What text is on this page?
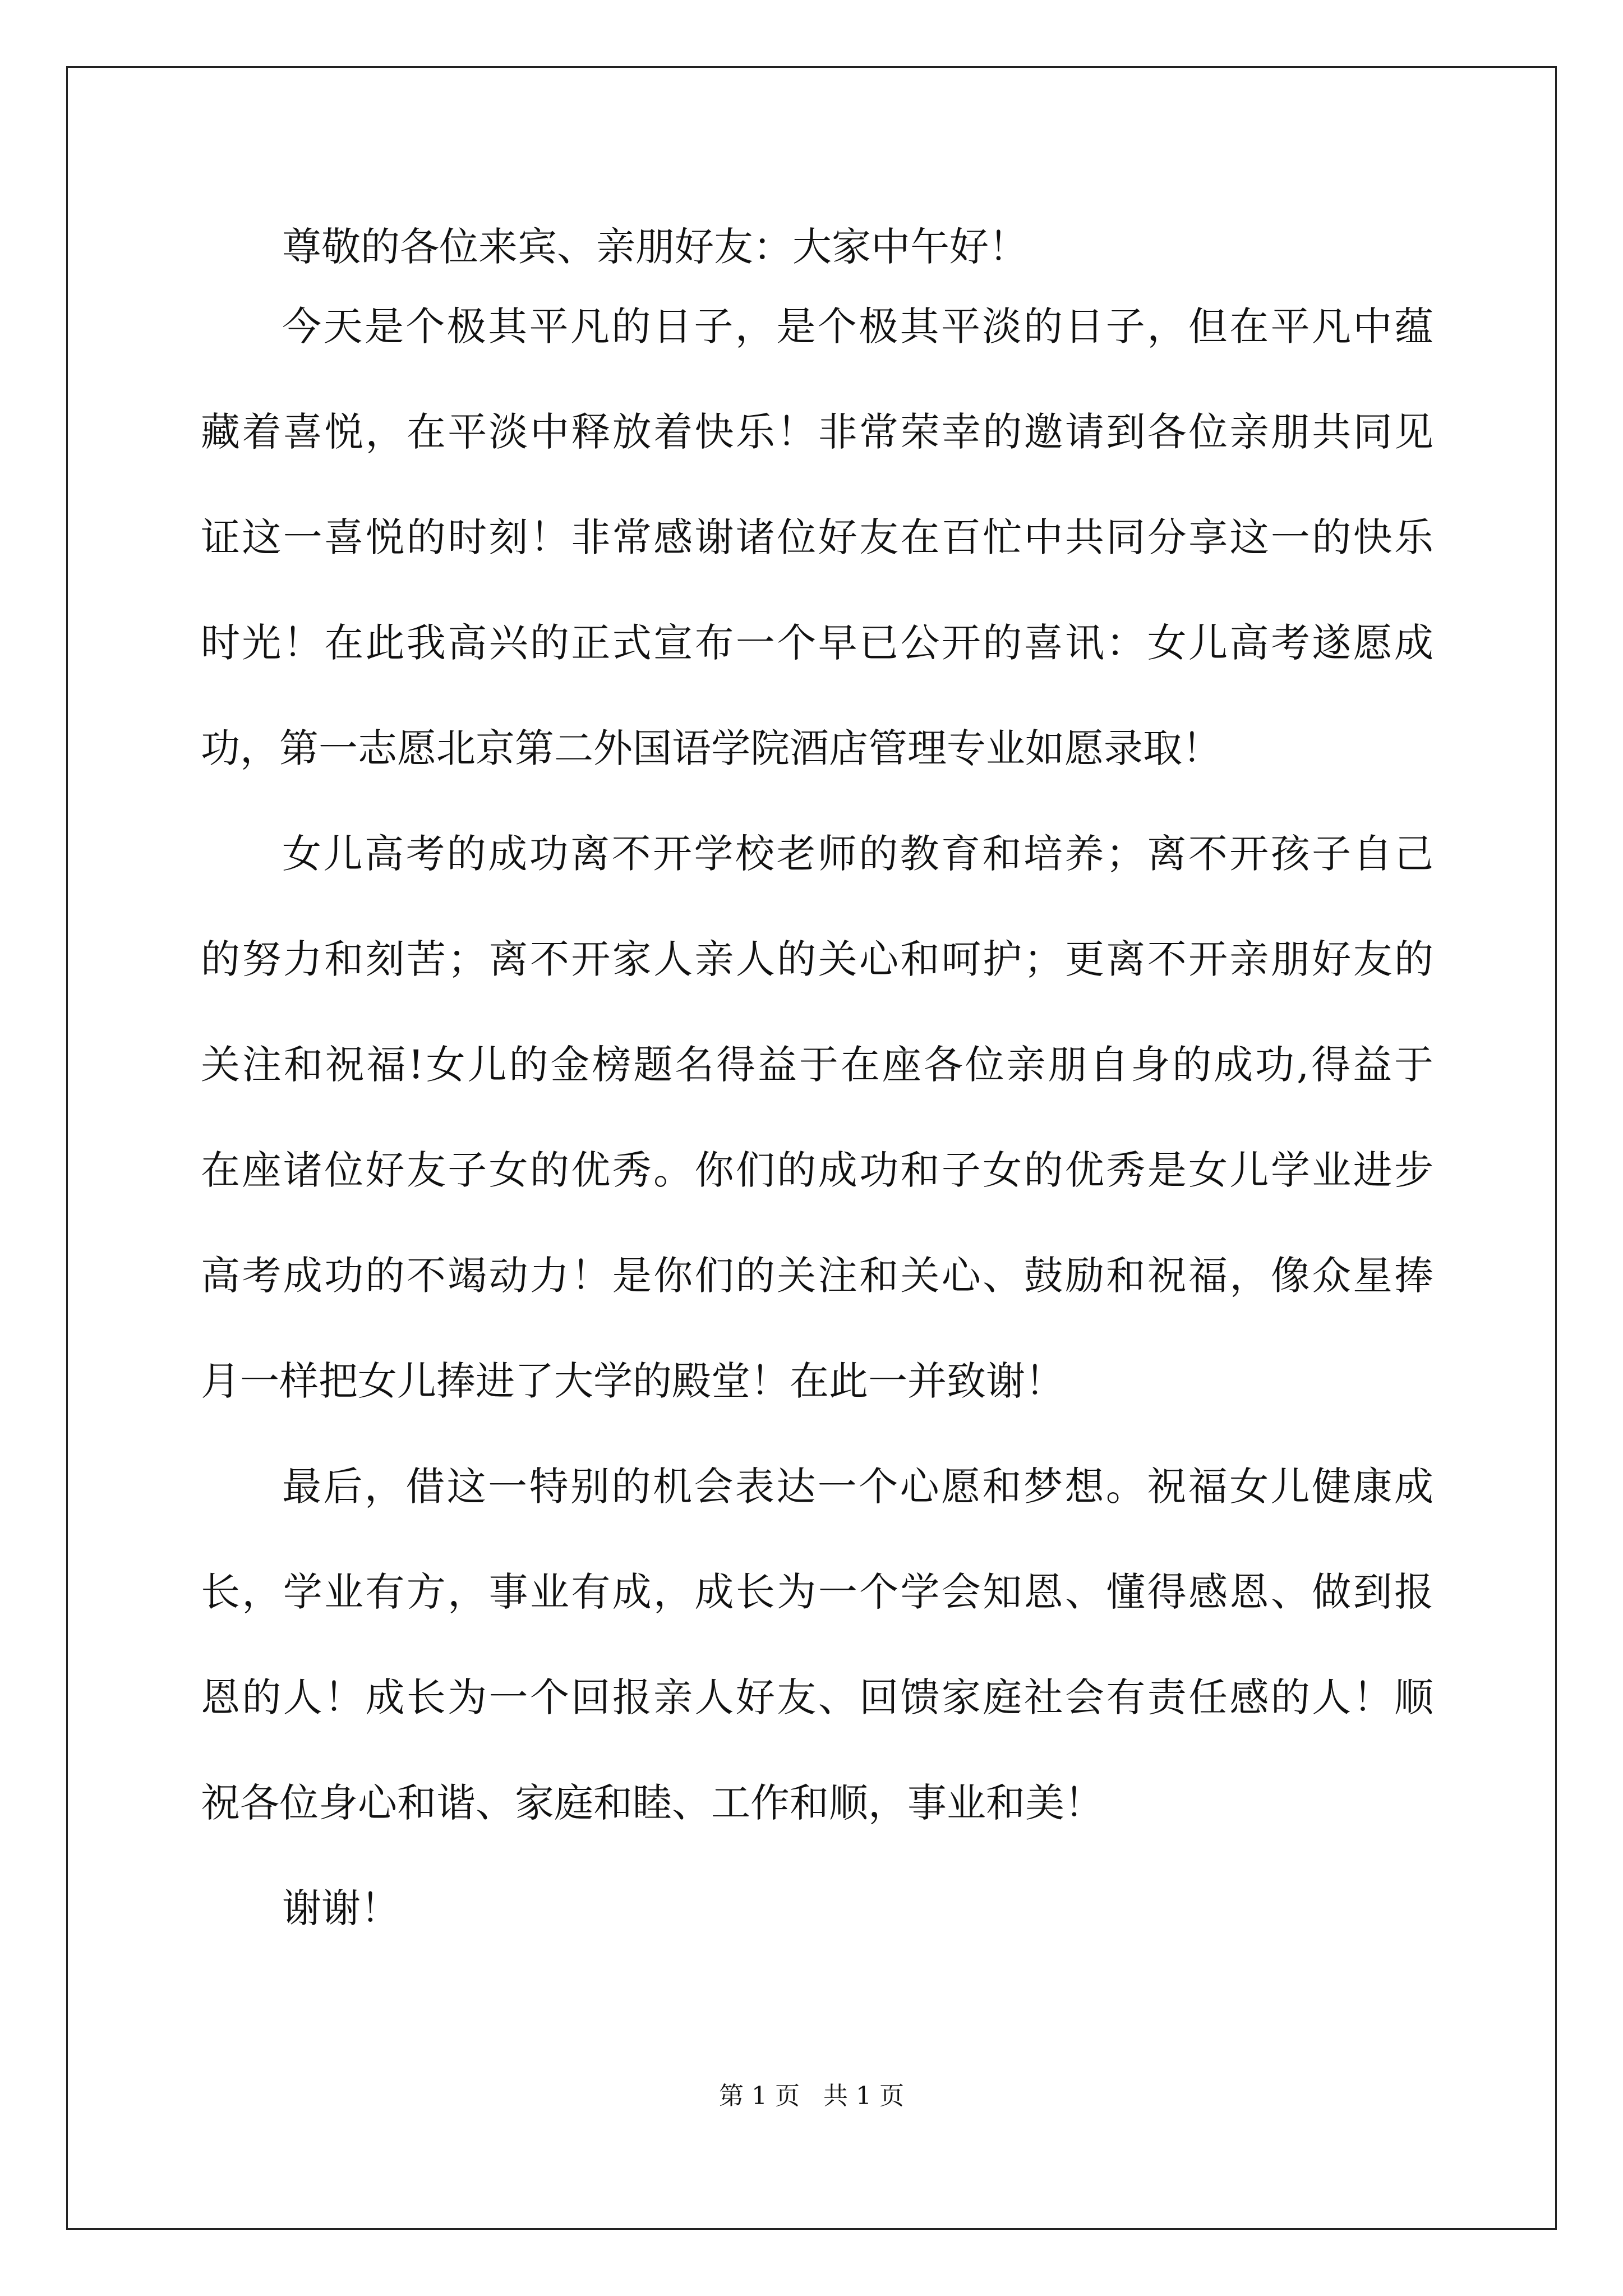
尊敬的各位来宾、亲朋好友：大家中午好！
今天是个极其平凡的日子，是个极其平淡的日子，但在平凡中蕴
藏着喜悦，在平淡中释放着快乐！非常荣幸的邀请到各位亲朋共同见
证这一喜悦的时刻！非常感谢诸位好友在百忙中共同分享这一的快乐
时光！在此我高兴的正式宣布一个早已公开的喜讯：女儿高考遂愿成
功，第一志愿北京第二外国语学院酒店管理专业如愿录取！
女儿高考的成功离不开学校老师的教育和培养；离不开孩子自己
的努力和刻苦；离不开家人亲人的关心和呵护；更离不开亲朋好友的
关注和祝福!女儿的金榜题名得益于在座各位亲朋自身的成功,得益于
在座诸位好友子女的优秀。你们的成功和子女的优秀是女儿学业进步
高考成功的不竭动力！是你们的关注和关心、鼓励和祝福，像众星捧
月一样把女儿捧进了大学的殿堂！在此一并致谢！
最后，借这一特别的机会表达一个心愿和梦想。祝福女儿健康成
长，学业有方，事业有成，成长为一个学会知恩、懂得感恩、做到报
恩的人！成长为一个回报亲人好友、回馈家庭社会有责任感的人！顺
祝各位身心和谐、家庭和睦、工作和顺，事业和美！
谢谢！
第 1 页   共 1 页
